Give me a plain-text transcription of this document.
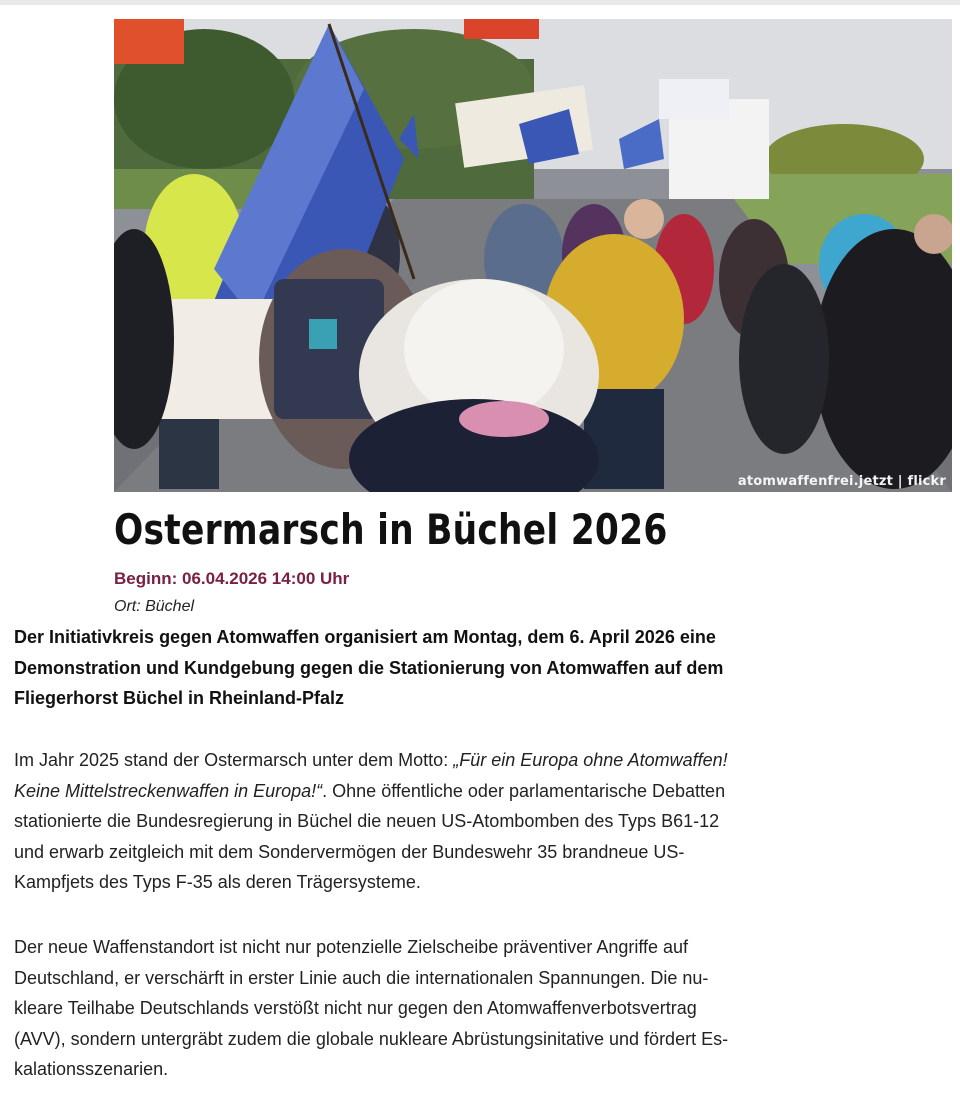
atomwaffenfrei.jetzt | flickr
Ostermarsch in Büchel 2026
Beginn: 06.04.2026 14:00 Uhr
Ort: Büchel

Der Initiativkreis gegen Atomwaffen organisiert am Montag, dem 6. April 2026 eine
Demonstration und Kundgebung gegen die Stationierung von Atomwaffen auf dem
Fliegerhorst Büchel in Rheinland-Pfalz

Im Jahr 2025 stand der Ostermarsch unter dem Motto: „Für ein Europa ohne Atomwaffen!
Keine Mittelstreckenwaffen in Europa!“. Ohne öffentliche oder parlamentarische Debatten
stationierte die Bundesregierung in Büchel die neuen US-Atombomben des Typs B61-12
und erwarb zeitgleich mit dem Sondervermögen der Bundeswehr 35 brandneue US-
Kampfjets des Typs F-35 als deren Trägersysteme.

Der neue Waffenstandort ist nicht nur potenzielle Zielscheibe präventiver Angriffe auf
Deutschland, er verschärft in erster Linie auch die internationalen Spannungen. Die nu-
kleare Teilhabe Deutschlands verstößt nicht nur gegen den Atomwaffenverbotsvertrag
(AVV), sondern untergräbt zudem die globale nukleare Abrüstungsinitative und fördert Es-
kalationsszenarien.
